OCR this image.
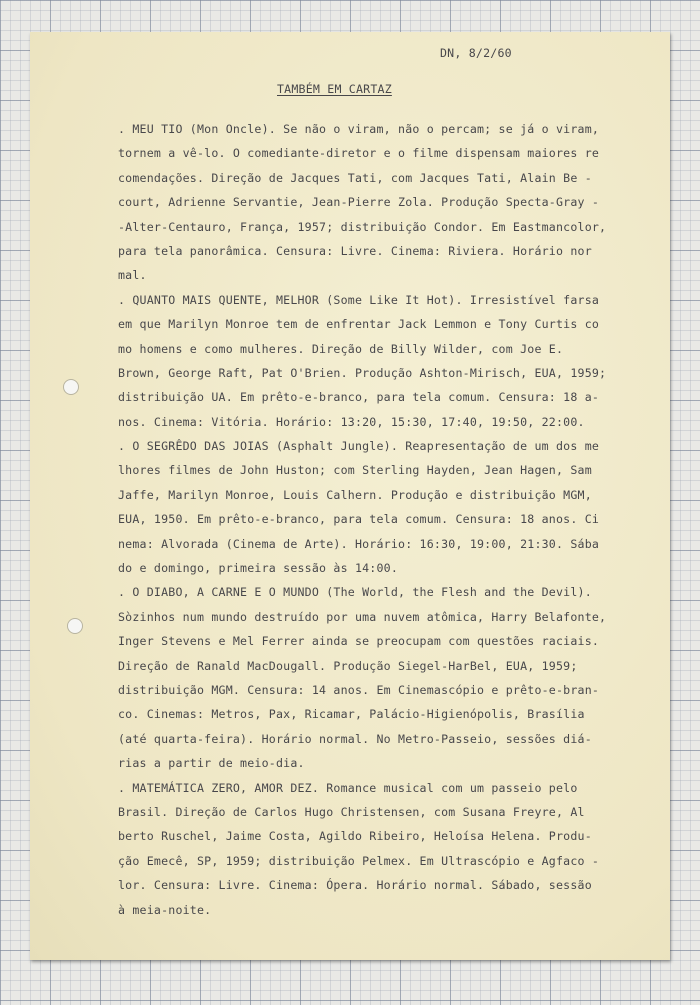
DN, 8/2/60
TAMBÉM EM CARTAZ
. MEU TIO (Mon Oncle). Se não o viram, não o percam; se já o viram,
tornem a vê-lo. O comediante-diretor e o filme dispensam maiores re
comendações. Direção de Jacques Tati, com Jacques Tati, Alain Be -
court, Adrienne Servantie, Jean-Pierre Zola. Produção Specta-Gray -
-Alter-Centauro, França, 1957; distribuição Condor. Em Eastmancolor,
para tela panorâmica. Censura: Livre. Cinema: Riviera. Horário nor
mal.
. QUANTO MAIS QUENTE, MELHOR (Some Like It Hot). Irresistível farsa
em que Marilyn Monroe tem de enfrentar Jack Lemmon e Tony Curtis co
mo homens e como mulheres. Direção de Billy Wilder, com Joe E.
Brown, George Raft, Pat O'Brien. Produção Ashton-Mirisch, EUA, 1959;
distribuição UA. Em prêto-e-branco, para tela comum. Censura: 18 a-
nos. Cinema: Vitória. Horário: 13:20, 15:30, 17:40, 19:50, 22:00.
. O SEGRÊDO DAS JOIAS (Asphalt Jungle). Reapresentação de um dos me
lhores filmes de John Huston; com Sterling Hayden, Jean Hagen, Sam
Jaffe, Marilyn Monroe, Louis Calhern. Produção e distribuição MGM,
EUA, 1950. Em prêto-e-branco, para tela comum. Censura: 18 anos. Ci
nema: Alvorada (Cinema de Arte). Horário: 16:30, 19:00, 21:30. Sába
do e domingo, primeira sessão às 14:00.
. O DIABO, A CARNE E O MUNDO (The World, the Flesh and the Devil).
Sòzinhos num mundo destruído por uma nuvem atômica, Harry Belafonte,
Inger Stevens e Mel Ferrer ainda se preocupam com questões raciais.
Direção de Ranald MacDougall. Produção Siegel-HarBel, EUA, 1959;
distribuição MGM. Censura: 14 anos. Em Cinemascópio e prêto-e-bran-
co. Cinemas: Metros, Pax, Ricamar, Palácio-Higienópolis, Brasília
(até quarta-feira). Horário normal. No Metro-Passeio, sessões diá-
rias a partir de meio-dia.
. MATEMÁTICA ZERO, AMOR DEZ. Romance musical com um passeio pelo
Brasil. Direção de Carlos Hugo Christensen, com Susana Freyre, Al
berto Ruschel, Jaime Costa, Agildo Ribeiro, Heloísa Helena. Produ-
ção Emecê, SP, 1959; distribuição Pelmex. Em Ultrascópio e Agfaco -
lor. Censura: Livre. Cinema: Ópera. Horário normal. Sábado, sessão
à meia-noite.
